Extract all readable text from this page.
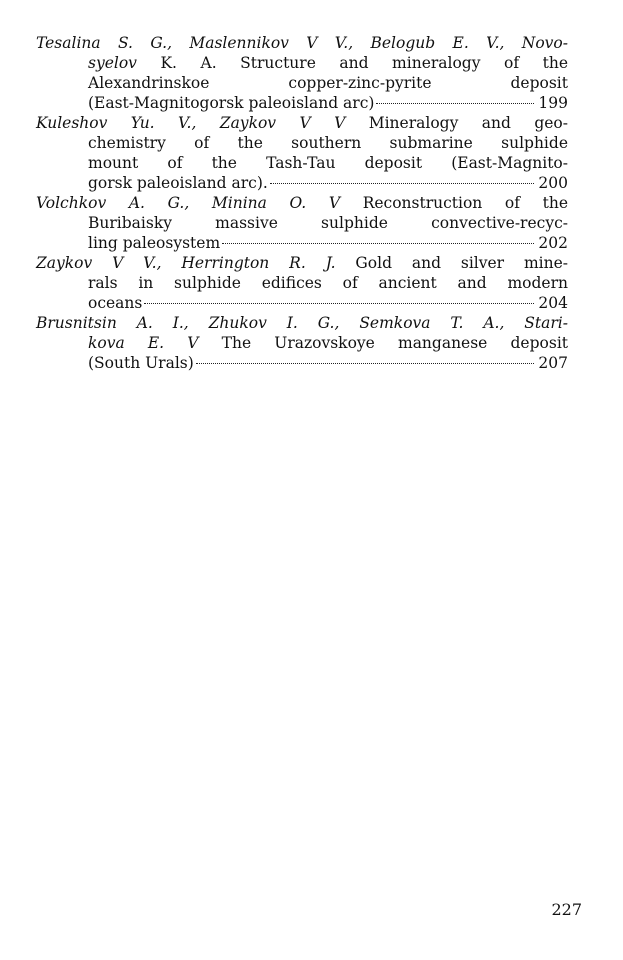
Tesalina S. G., Maslennikov V V., Belogub E. V., Novo-
syelov K. A. Structure and mineralogy of the
Alexandrinskoe copper-zinc-pyrite deposit
(East-Magnitogorsk paleoisland arc)	199
Kuleshov Yu. V., Zaykov V V Mineralogy and geo-
chemistry of the southern submarine sulphide
mount of the Tash-Tau deposit (East-Magnito-
gorsk paleoisland arc).	200
Volchkov A. G., Minina O. V Reconstruction of the
Buribaisky massive sulphide convective-recyc-
ling paleosystem	202
Zaykov V V., Herrington R. J. Gold and silver mine-
rals in sulphide edifices of ancient and modern
oceans	204
Brusnitsin A. I., Zhukov I. G., Semkova T. A., Stari-
kova E. V The Urazovskoye manganese deposit
(South Urals)	207
227
